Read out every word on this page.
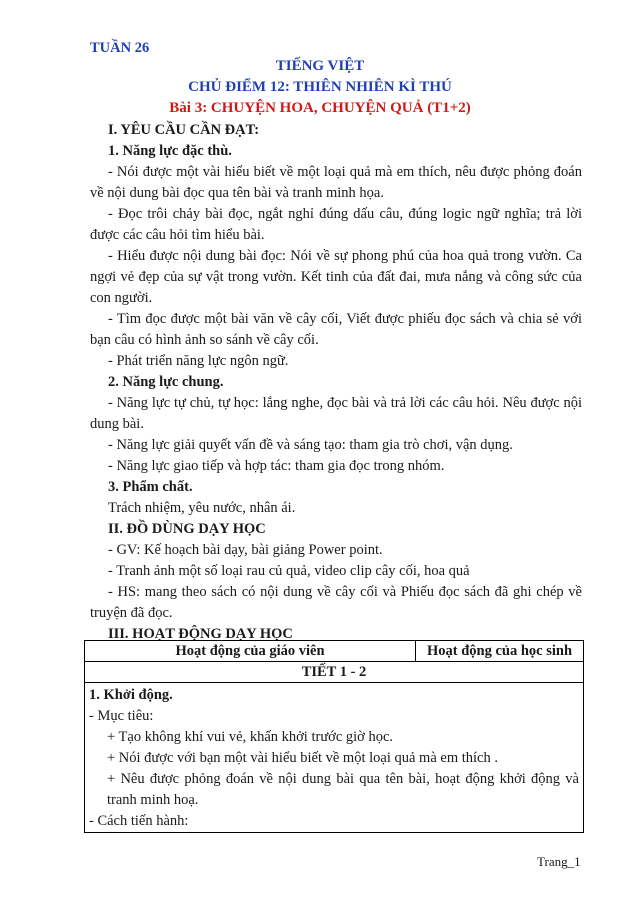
TUẦN 26
TIẾNG VIỆT
CHỦ ĐIỂM 12: THIÊN NHIÊN KÌ THÚ
Bài 3: CHUYỆN HOA, CHUYỆN QUẢ (T1+2)
I. YÊU CẦU CẦN ĐẠT:
1. Năng lực đặc thù.
- Nói được một vài hiểu biết về một loại quả mà em thích, nêu được phỏng đoán về nội dung bài đọc qua tên bài và tranh minh họa.
- Đọc trôi chảy bài đọc, ngắt nghỉ đúng dấu câu, đúng logic ngữ nghĩa; trả lời được các câu hỏi tìm hiểu bài.
- Hiểu được nội dung bài đọc: Nói về sự phong phú của hoa quả trong vườn. Ca ngợi vẻ đẹp của sự vật trong vườn. Kết tinh của đất đai, mưa nắng và công sức của con người.
- Tìm đọc được một bài văn về cây cối, Viết được phiếu đọc sách và chia sẻ với bạn câu có hình ảnh so sánh về cây cối.
- Phát triển năng lực ngôn ngữ.
2. Năng lực chung.
- Năng lực tự chủ, tự học: lắng nghe, đọc bài và trả lời các câu hỏi. Nêu được nội dung bài.
- Năng lực giải quyết vấn đề và sáng tạo: tham gia trò chơi, vận dụng.
- Năng lực giao tiếp và hợp tác: tham gia đọc trong nhóm.
3. Phẩm chất.
Trách nhiệm, yêu nước, nhân ái.
II. ĐỒ DÙNG DẠY HỌC
- GV: Kế hoạch bài dạy, bài giảng Power point.
- Tranh ảnh một số loại rau củ quả, video clip cây cối, hoa quả
- HS: mang theo sách có nội dung về cây cối và Phiếu đọc sách đã ghi chép về truyện đã đọc.
III. HOẠT ĐỘNG DẠY HỌC
Hoạt động của giáo viên	Hoạt động của học sinh
TIẾT 1 - 2

1. Khởi động.
- Mục tiêu:
+ Tạo không khí vui vẻ, khấn khởi trước giờ học.
+ Nói được với bạn một vài hiểu biết về một loại quả mà em thích .
+ Nêu được phỏng đoán về nội dung bài qua tên bài, hoạt động khởi động và tranh minh hoạ.
- Cách tiến hành:
Trang_1
